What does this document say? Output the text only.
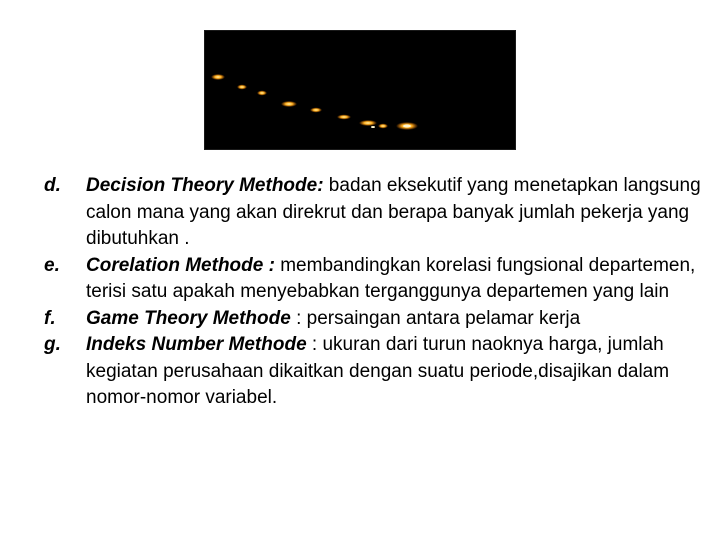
d. Decision Theory Methode: badan eksekutif yang menetapkan langsung calon mana yang akan direkrut dan berapa banyak jumlah pekerja yang dibutuhkan .
e. Corelation Methode : membandingkan korelasi fungsional departemen, terisi satu apakah menyebabkan terganggunya departemen yang lain
f. Game Theory Methode : persaingan antara pelamar kerja
g. Indeks Number Methode : ukuran dari turun naoknya harga, jumlah kegiatan perusahaan dikaitkan dengan suatu periode,disajikan dalam nomor-nomor variabel.
